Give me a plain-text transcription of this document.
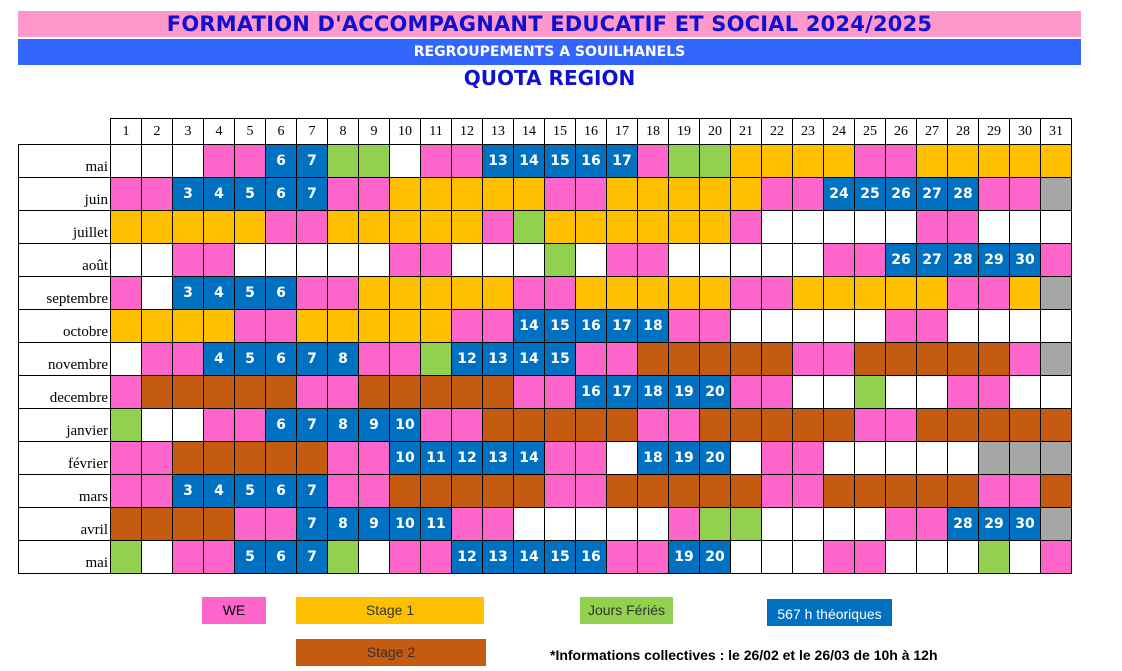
FORMATION D'ACCOMPAGNANT EDUCATIF ET SOCIAL 2024/2025
REGROUPEMENTS A SOUILHANELS
QUOTA REGION
	1	2	3	4	5	6	7	8	9	10	11	12	13	14	15	16	17	18	19	20	21	22	23	24	25	26	27	28	29	30	31
mai						6	7						13	14	15	16	17														
juin			3	4	5	6	7																	24	25	26	27	28			
juillet																															
août																										26	27	28	29	30	
septembre			3	4	5	6																									
octobre														14	15	16	17	18													
novembre				4	5	6	7	8				12	13	14	15																
decembre																16	17	18	19	20											
janvier						6	7	8	9	10																					
février										10	11	12	13	14				18	19	20											
mars			3	4	5	6	7																								
avril							7	8	9	10	11																	28	29	30	
mai					5	6	7					12	13	14	15	16			19	20											
WE	Stage 1	Jours Fériés	567 h théoriques
Stage 2	*Informations collectives : le 26/02 et le 26/03 de 10h à 12h
